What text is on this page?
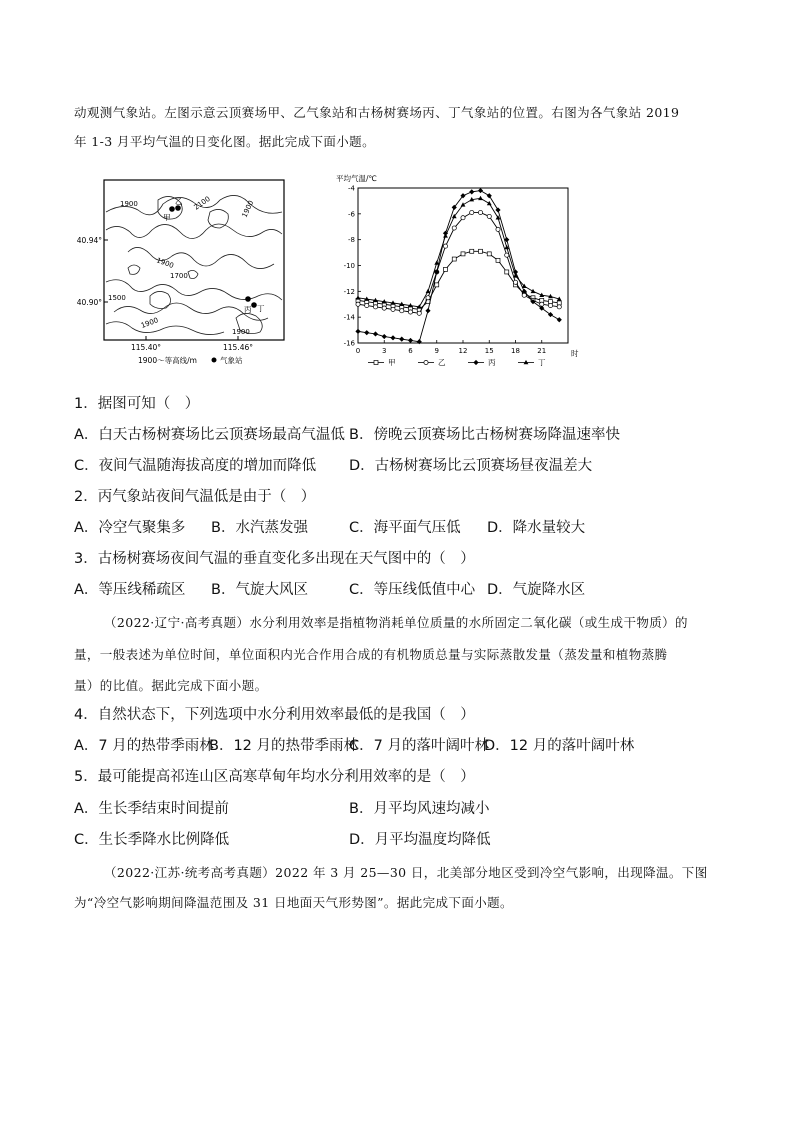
动观测气象站。左图示意云顶赛场甲、乙气象站和古杨树赛场丙、丁气象站的位置。右图为各气象站 2019

年 1-3 月平均气温的日变化图。据此完成下面小题。

40.94°
40.90°
115.40°	115.46°
1900	2100	1900
1900
1700
1500
1900
1900
甲
乙
丙 丁
1900～等高线/m	气象站
平均气温/℃
-4
-6
-8
-10
-12
-14
-16
0	3	6	9	12 15 18 21	时
甲	乙	丙	丁

1．据图可知（　）

A．白天古杨树赛场比云顶赛场最高气温低 B．傍晚云顶赛场比古杨树赛场降温速率快
C．夜间气温随海拔高度的增加而降低 D．古杨树赛场比云顶赛场昼夜温差大

2．丙气象站夜间气温低是由于（　）

A．冷空气聚集多 B．水汽蒸发强	C．海平面气压低 D．降水量较大

3．古杨树赛场夜间气温的垂直变化多出现在天气图中的（　）

A．等压线稀疏区 B．气旋大风区	C．等压线低值中心 D．气旋降水区

（2022·辽宁·高考真题）水分利用效率是指植物消耗单位质量的水所固定二氧化碳（或生成干物质）的

量，一般表述为单位时间，单位面积内光合作用合成的有机物质总量与实际蒸散发量（蒸发量和植物蒸腾

量）的比值。据此完成下面小题。

4．自然状态下，下列选项中水分利用效率最低的是我国（　）

A．7 月的热带季雨林
B．12 月的热带季雨林
C．7 月的落叶阔叶林
D．12 月的落叶阔叶林

5．最可能提高祁连山区高寒草甸年均水分利用效率的是（　）

A．生长季结束时间提前	B．月平均风速均减小
C．生长季降水比例降低	D．月平均温度均降低

（2022·江苏·统考高考真题）2022 年 3 月 25—30 日，北美部分地区受到冷空气影响，出现降温。下图

为“冷空气影响期间降温范围及 31 日地面天气形势图”。据此完成下面小题。
